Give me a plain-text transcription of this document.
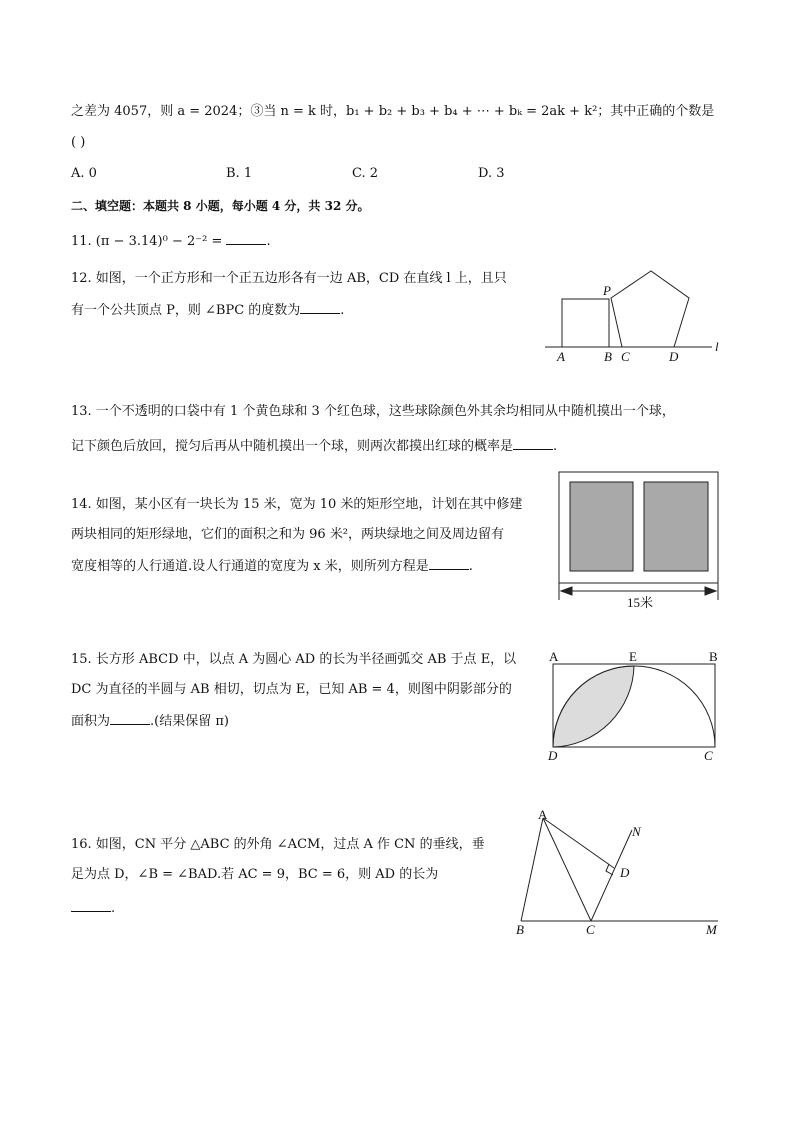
之差为 4057，则 a = 2024；③当 n = k 时，b₁ + b₂ + b₃ + b₄ + ⋯ + bₖ = 2ak + k²；其中正确的个数是
( )
A. 0	B. 1	C. 2	D. 3
二、填空题：本题共 8 小题，每小题 4 分，共 32 分。
11. (π − 3.14)⁰ − 2⁻² =	.
12. 如图，一个正方形和一个正五边形各有一边 AB，CD 在直线 l 上，且只
有一个公共顶点 P，则 ∠BPC 的度数为	.
13. 一个不透明的口袋中有 1 个黄色球和 3 个红色球，这些球除颜色外其余均相同从中随机摸出一个球，
记下颜色后放回，搅匀后再从中随机摸出一个球，则两次都摸出红球的概率是	.
14. 如图，某小区有一块长为 15 米，宽为 10 米的矩形空地，计划在其中修建
两块相同的矩形绿地，它们的面积之和为 96 米²，两块绿地之间及周边留有
宽度相等的人行通道.设人行通道的宽度为 x 米，则所列方程是	.
15. 长方形 ABCD 中，以点 A 为圆心 AD 的长为半径画弧交 AB 于点 E，以
DC 为直径的半圆与 AB 相切，切点为 E，已知 AB = 4，则图中阴影部分的
面积为	.(结果保留 π)
16. 如图，CN 平分 △ABC 的外角 ∠ACM，过点 A 作 CN 的垂线，垂
足为点 D，∠B = ∠BAD.若 AC = 9，BC = 6，则 AD 的长为
.
P
A	B C	D
l
15米
A	E	B
D	C
A
N
D
B	C	M
